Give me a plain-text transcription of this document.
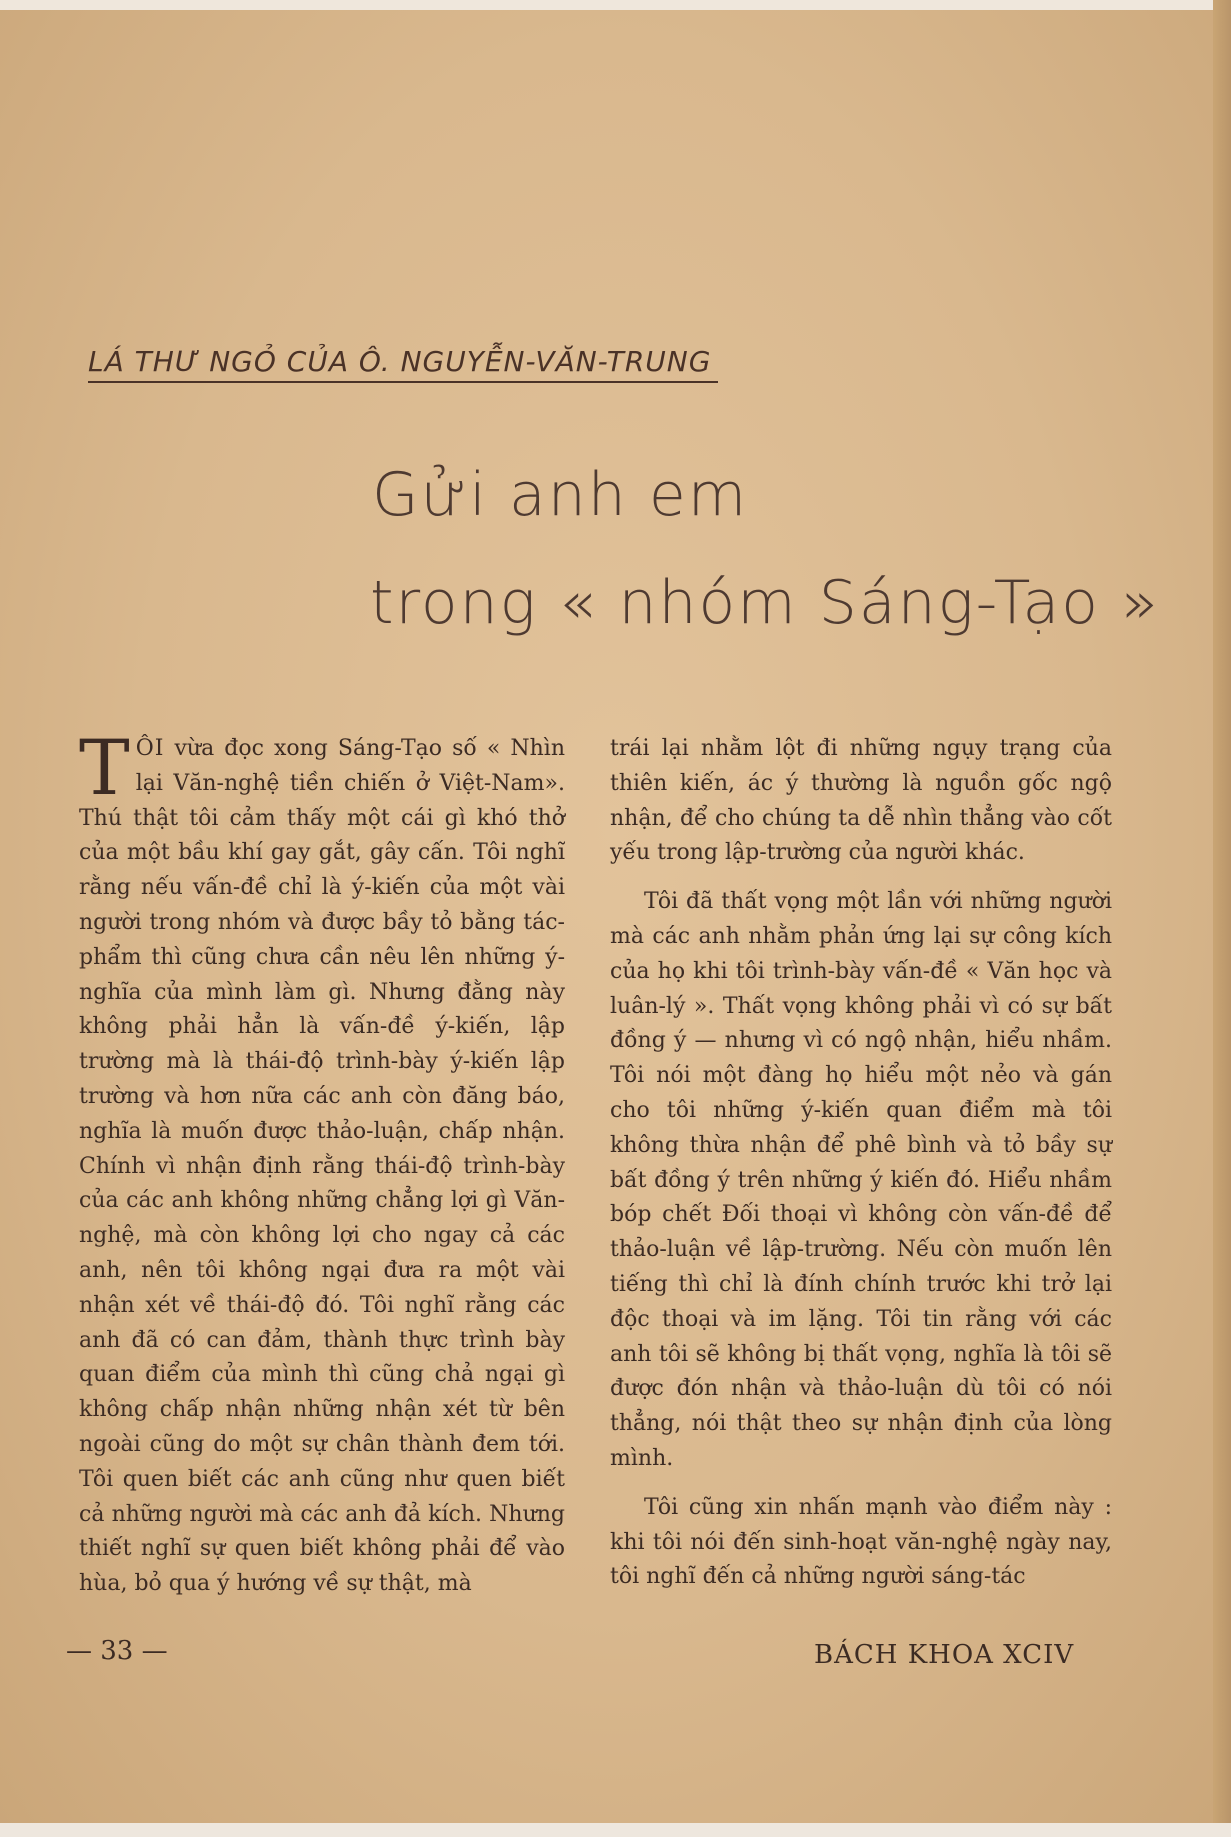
LÁ THƯ NGỎ CỦA Ô. NGUYỄN-VĂN-TRUNG
Gửi anh em
trong « nhóm Sáng-Tạo »

TÔI vừa đọc xong Sáng-Tạo số « Nhìn lại Văn-nghệ tiền chiến ở Việt-Nam». Thú thật tôi cảm thấy một cái gì khó thở của một bầu khí gay gắt, gây cấn. Tôi nghĩ rằng nếu vấn-đề chỉ là ý-kiến của một vài người trong nhóm và được bầy tỏ bằng tác-phẩm thì cũng chưa cần nêu lên những ý-nghĩa của mình làm gì. Nhưng đằng này không phải hẳn là vấn-đề ý-kiến, lập trường mà là thái-độ trình-bày ý-kiến lập trường và hơn nữa các anh còn đăng báo, nghĩa là muốn được thảo-luận, chấp nhận. Chính vì nhận định rằng thái-độ trình-bày của các anh không những chẳng lợi gì Văn-nghệ, mà còn không lợi cho ngay cả các anh, nên tôi không ngại đưa ra một vài nhận xét về thái-độ đó. Tôi nghĩ rằng các anh đã có can đảm, thành thực trình bày quan điểm của mình thì cũng chả ngại gì không chấp nhận những nhận xét từ bên ngoài cũng do một sự chân thành đem tới. Tôi quen biết các anh cũng như quen biết cả những người mà các anh đả kích. Nhưng thiết nghĩ sự quen biết không phải để vào hùa, bỏ qua ý hướng về sự thật, mà

trái lại nhằm lột đi những ngụy trạng của thiên kiến, ác ý thường là nguồn gốc ngộ nhận, để cho chúng ta dễ nhìn thẳng vào cốt yếu trong lập-trường của người khác.

Tôi đã thất vọng một lần với những người mà các anh nhằm phản ứng lại sự công kích của họ khi tôi trình-bày vấn-đề « Văn học và luân-lý ». Thất vọng không phải vì có sự bất đồng ý — nhưng vì có ngộ nhận, hiểu nhầm. Tôi nói một đàng họ hiểu một nẻo và gán cho tôi những ý-kiến quan điểm mà tôi không thừa nhận để phê bình và tỏ bầy sự bất đồng ý trên những ý kiến đó. Hiểu nhầm bóp chết Đối thoại vì không còn vấn-đề để thảo-luận về lập-trường. Nếu còn muốn lên tiếng thì chỉ là đính chính trước khi trở lại độc thoại và im lặng. Tôi tin rằng với các anh tôi sẽ không bị thất vọng, nghĩa là tôi sẽ được đón nhận và thảo-luận dù tôi có nói thẳng, nói thật theo sự nhận định của lòng mình.

Tôi cũng xin nhấn mạnh vào điểm này : khi tôi nói đến sinh-hoạt văn-nghệ ngày nay, tôi nghĩ đến cả những người sáng-tác

— 33 —	BÁCH KHOA XCIV
